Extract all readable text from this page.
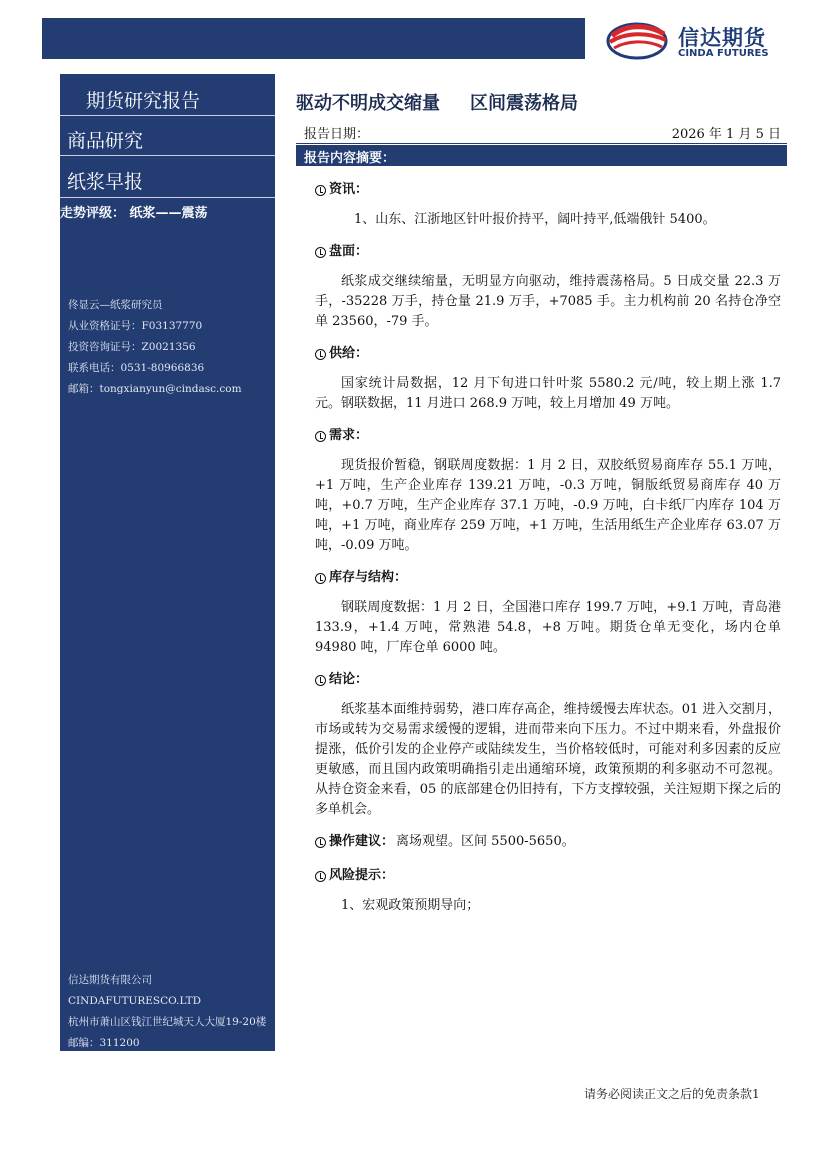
信达期货
CINDA FUTURES
期货研究报告
商品研究
纸浆早报
走势评级： 纸浆——震荡
佟显云—纸浆研究员
从业资格证号：F03137770
投资咨询证号：Z0021356
联系电话：0531-80966836
邮箱：tongxianyun@cindasc.com
信达期货有限公司
CINDAFUTURESCO.LTD
杭州市萧山区钱江世纪城天人大厦19-20楼
邮编：311200
驱动不明成交缩量 区间震荡格局
报告日期：	2026 年 1 月 5 日
报告内容摘要：
资讯：

1、山东、江浙地区针叶报价持平，阔叶持平,低端俄针 5400。

盘面：

纸浆成交继续缩量，无明显方向驱动，维持震荡格局。5 日成交量 22.3 万手，-35228 万手，持仓量 21.9 万手，+7085 手。主力机构前 20 名持仓净空单 23560，-79 手。

供给：

国家统计局数据，12 月下旬进口针叶浆 5580.2 元/吨，较上期上涨 1.7 元。钢联数据，11 月进口 268.9 万吨，较上月增加 49 万吨。

需求：

现货报价暂稳，钢联周度数据：1 月 2 日，双胶纸贸易商库存 55.1 万吨，+1 万吨，生产企业库存 139.21 万吨，-0.3 万吨，铜版纸贸易商库存 40 万吨，+0.7 万吨，生产企业库存 37.1 万吨，-0.9 万吨，白卡纸厂内库存 104 万吨，+1 万吨，商业库存 259 万吨，+1 万吨，生活用纸生产企业库存 63.07 万吨，-0.09 万吨。

库存与结构：

钢联周度数据：1 月 2 日，全国港口库存 199.7 万吨，+9.1 万吨，青岛港 133.9，+1.4 万吨，常熟港 54.8，+8 万吨。期货仓单无变化，场内仓单 94980 吨，厂库仓单 6000 吨。

结论：

纸浆基本面维持弱势，港口库存高企，维持缓慢去库状态。01 进入交割月，市场或转为交易需求缓慢的逻辑，进而带来向下压力。不过中期来看，外盘报价提涨，低价引发的企业停产或陆续发生，当价格较低时，可能对利多因素的反应更敏感，而且国内政策明确指引走出通缩环境，政策预期的利多驱动不可忽视。从持仓资金来看，05 的底部建仓仍旧持有，下方支撑较强，关注短期下探之后的多单机会。

操作建议： 离场观望。区间 5500-5650。
风险提示：

1、宏观政策预期导向；

请务必阅读正文之后的免责条款1
